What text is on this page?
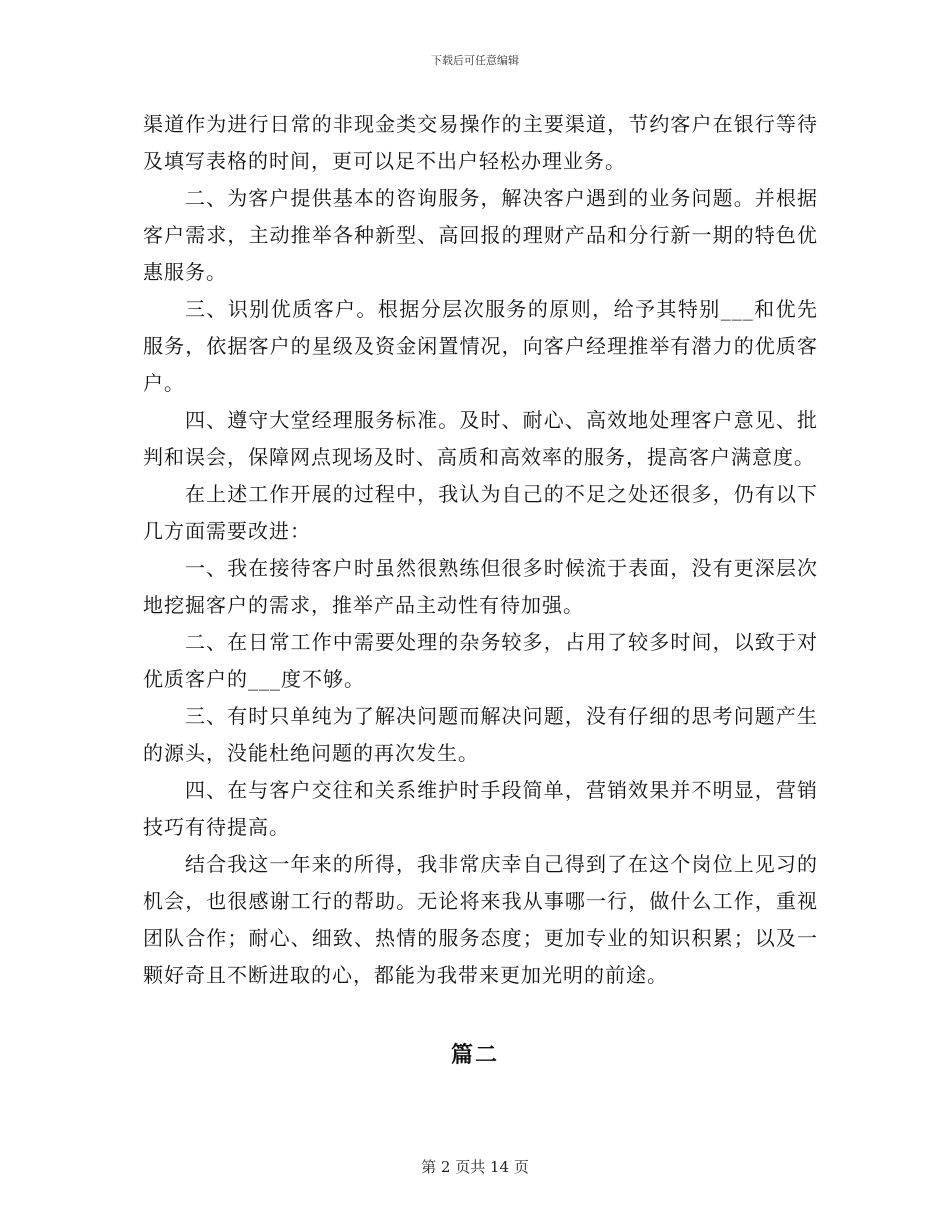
下载后可任意编辑

渠道作为进行日常的非现金类交易操作的主要渠道，节约客户在银行等待及填写表格的时间，更可以足不出户轻松办理业务。

二、为客户提供基本的咨询服务，解决客户遇到的业务问题。并根据客户需求，主动推举各种新型、高回报的理财产品和分行新一期的特色优惠服务。

三、识别优质客户。根据分层次服务的原则，给予其特别___和优先服务，依据客户的星级及资金闲置情况，向客户经理推举有潜力的优质客户。

四、遵守大堂经理服务标准。及时、耐心、高效地处理客户意见、批判和误会，保障网点现场及时、高质和高效率的服务，提高客户满意度。

在上述工作开展的过程中，我认为自己的不足之处还很多，仍有以下几方面需要改进：

一、我在接待客户时虽然很熟练但很多时候流于表面，没有更深层次地挖掘客户的需求，推举产品主动性有待加强。

二、在日常工作中需要处理的杂务较多，占用了较多时间，以致于对优质客户的___度不够。

三、有时只单纯为了解决问题而解决问题，没有仔细的思考问题产生的源头，没能杜绝问题的再次发生。

四、在与客户交往和关系维护时手段简单，营销效果并不明显，营销技巧有待提高。

结合我这一年来的所得，我非常庆幸自己得到了在这个岗位上见习的机会，也很感谢工行的帮助。无论将来我从事哪一行，做什么工作，重视团队合作；耐心、细致、热情的服务态度；更加专业的知识积累；以及一颗好奇且不断进取的心，都能为我带来更加光明的前途。

篇二
第 2 页共 14 页
